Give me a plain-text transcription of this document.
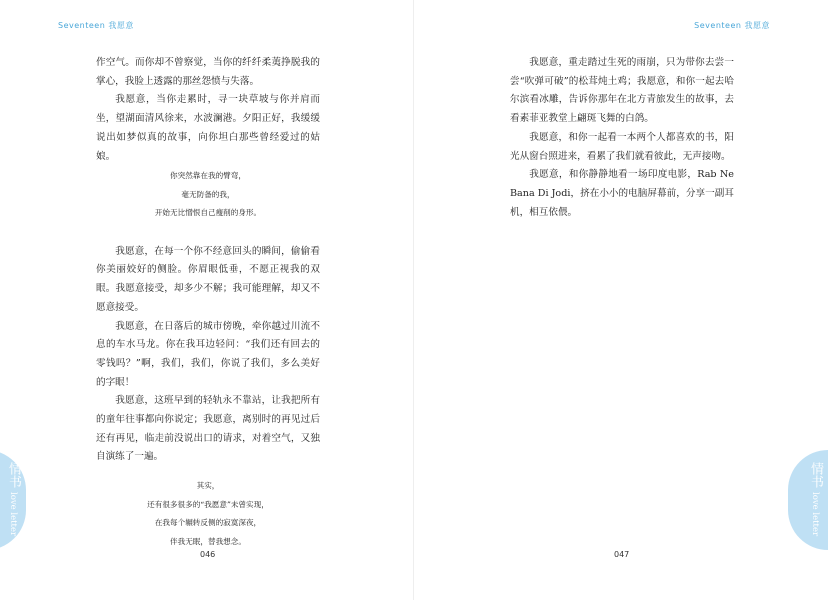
Seventeen 我愿意

作空气。而你却不曾察觉，当你的纤纤柔荑挣脱我的掌心，我脸上透露的那丝怨愤与失落。

我愿意，当你走累时，寻一块草坡与你并肩而坐，望湖面清风徐来，水波澜港。夕阳正好，我缓缓说出如梦似真的故事，向你坦白那些曾经爱过的姑娘。

你突然靠在我的臂弯，
毫无防备的我，
开始无比憎恨自己瘦削的身形。

我愿意，在每一个你不经意回头的瞬间，偷偷看你美丽姣好的侧脸。你眉眼低垂，不愿正视我的双眼。我愿意接受，却多少不解；我可能理解，却又不愿意接受。

我愿意，在日落后的城市傍晚，牵你越过川流不息的车水马龙。你在我耳边轻问：“我们还有回去的零钱吗？”啊，我们，我们，你说了我们，多么美好的字眼！

我愿意，这班早到的轻轨永不靠站，让我把所有的童年往事都向你说定；我愿意，离别时的再见过后还有再见，临走前没说出口的请求，对着空气，又独自演练了一遍。

其实，
还有很多很多的“我愿意”未曾实现，
在我每个辗转反侧的寂寞深夜，
伴我无眠，替我想念。
046
Seventeen 我愿意

我愿意，重走踏过生死的雨崩，只为带你去尝一尝“吹弹可破”的松茸炖土鸡；我愿意，和你一起去哈尔滨看冰雕，告诉你那年在北方青旅发生的故事，去看素菲亚教堂上翩斑飞舞的白鸽。

我愿意，和你一起看一本两个人都喜欢的书，阳光从窗台照进来，看累了我们就看彼此，无声接吻。

我愿意，和你静静地看一场印度电影，Rab Ne Bana Di Jodi，挤在小小的电脑屏幕前，分享一副耳机，相互依偎。

047
情书
love letter
情书
love letter
